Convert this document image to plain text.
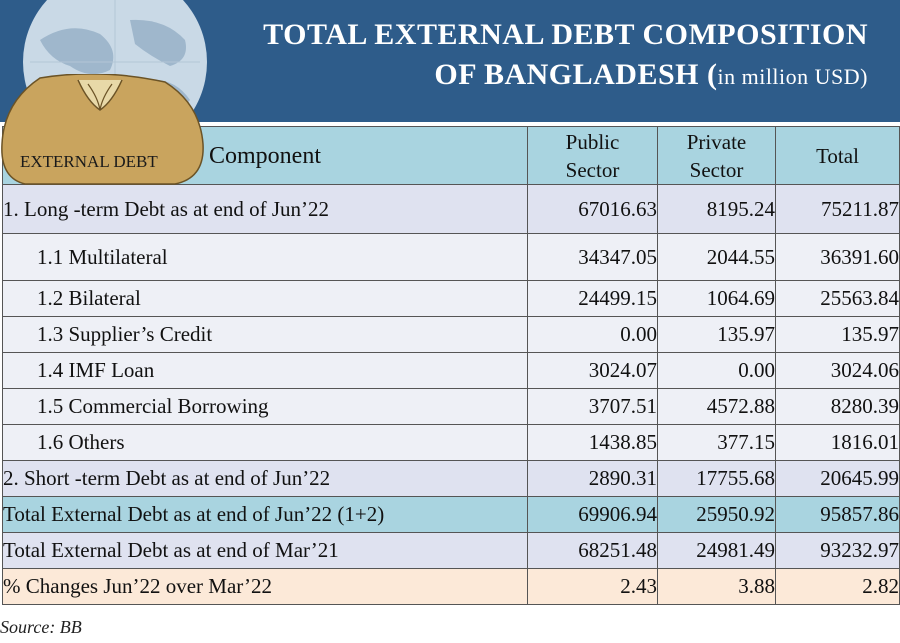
TOTAL EXTERNAL DEBT COMPOSITION
OF BANGLADESH (in million USD)
EXTERNAL DEBT Component	Public Sector	Private Sector	Total
1. Long -term Debt as at end of Jun’22	67016.63	8195.24	75211.87
1.1 Multilateral	34347.05	2044.55	36391.60
1.2 Bilateral	24499.15	1064.69	25563.84
1.3 Supplier’s Credit	0.00	135.97	135.97
1.4 IMF Loan	3024.07	0.00	3024.06
1.5 Commercial Borrowing	3707.51	4572.88	8280.39
1.6 Others	1438.85	377.15	1816.01
2. Short -term Debt as at end of Jun’22	2890.31	17755.68	20645.99
Total External Debt as at end of Jun’22 (1+2)	69906.94	25950.92	95857.86
Total External Debt as at end of Mar’21	68251.48	24981.49	93232.97
% Changes Jun’22 over Mar’22	2.43	3.88	2.82
Source: BB
